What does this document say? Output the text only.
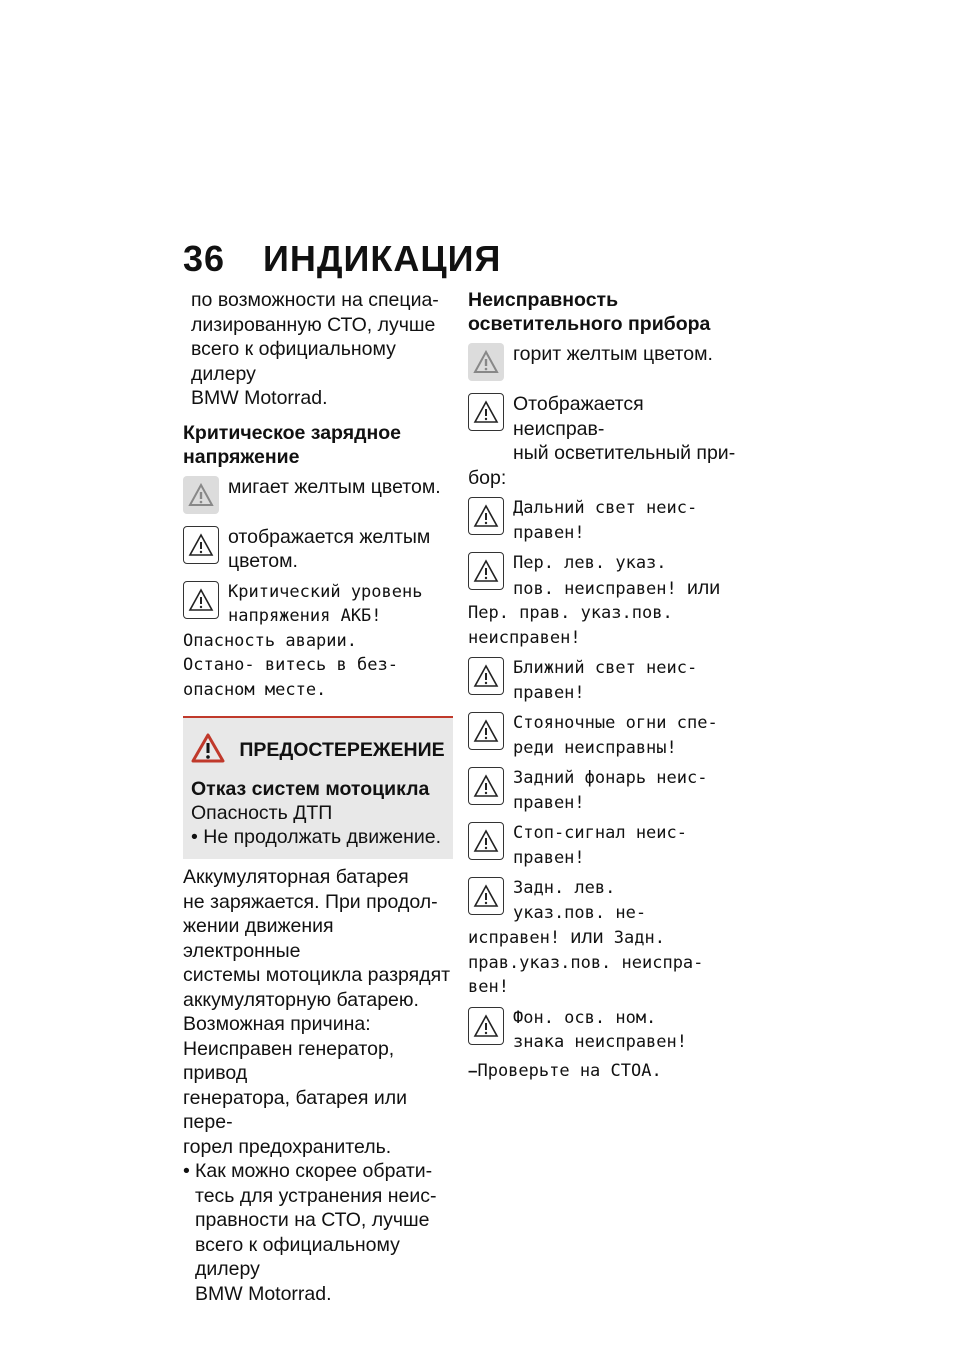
36 ИНДИКАЦИЯ
по возможности на специа-
лизированную СТО, лучше
всего к официальному дилеру
BMW Motorrad.
Критическое зарядное
напряжение
мигает желтым цветом.
отображается желтым
цветом.
Критический уровень
напряжения АКБ!
Опасность аварии.
Остано- витесь в без-
опасном месте.
ПРЕДОСТЕРЕЖЕНИЕ
Отказ систем мотоцикла
Опасность ДТП
• Не продолжать движение.
Аккумуляторная батарея
не заряжается. При продол-
жении движения электронные
системы мотоцикла разрядят
аккумуляторную батарею.
Возможная причина:
Неисправен генератор, привод
генератора, батарея или пере-
горел предохранитель.
• Как можно скорее обрати-
тесь для устранения неис-
правности на СТО, лучше
всего к официальному дилеру
BMW Motorrad.
Неисправность
осветительного прибора
горит желтым цветом.
Отображается неисправ-
ный осветительный при-
бор:
Дальний свет неис-
правен!
Пер. лев. указ.
пов. неисправен! или
Пер. прав. указ.пов.
неисправен!
Ближний свет неис-
правен!
Стояночные огни спе-
реди неисправны!
Задний фонарь неис-
правен!
Стоп-сигнал неис-
правен!
Задн. лев.
указ.пов. не-
исправен! или Задн.
прав.указ.пов. неиспра-
вен!
Фон. осв. ном.
знака неисправен!
–Проверьте на СТОА.
